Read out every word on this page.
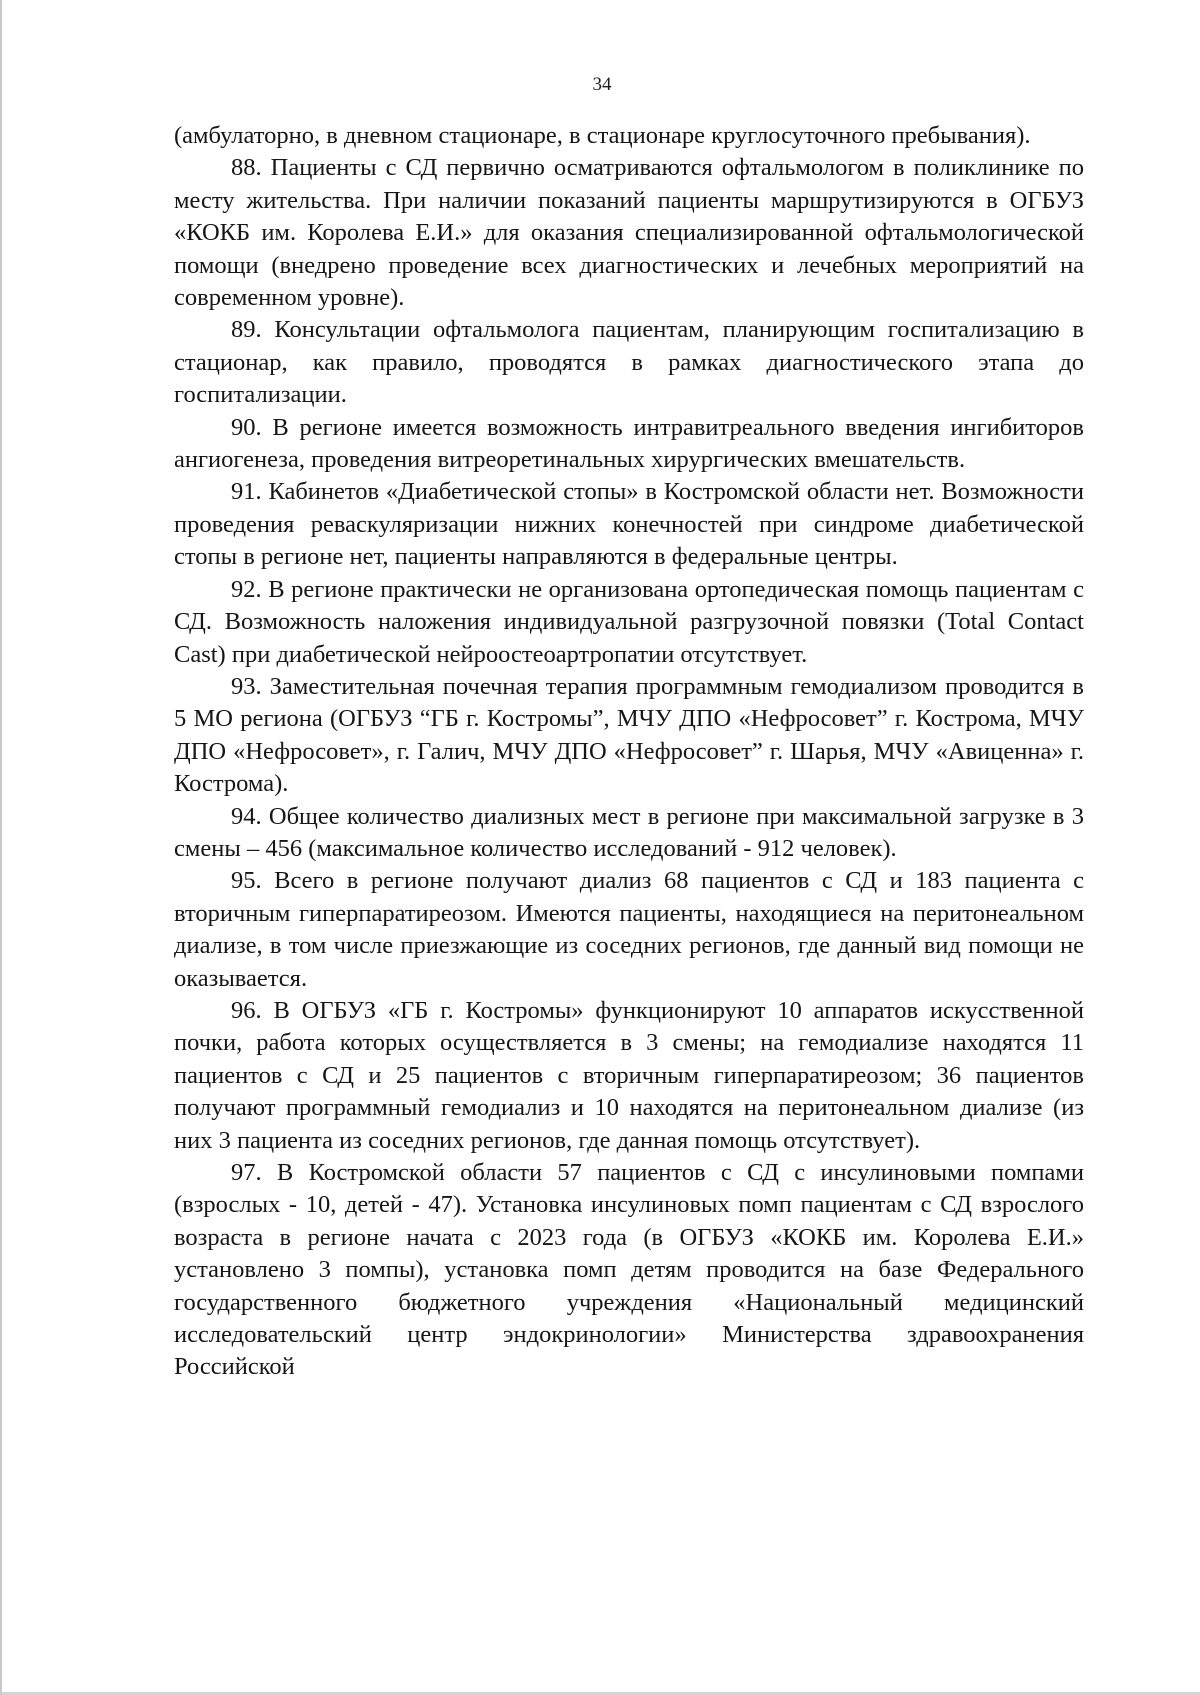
34

(амбулаторно, в дневном стационаре, в стационаре круглосуточного пребывания).

88. Пациенты с СД первично осматриваются офтальмологом в поликлинике по месту жительства. При наличии показаний пациенты маршрутизируются в ОГБУЗ «КОКБ им. Королева Е.И.» для оказания специализированной офтальмологической помощи (внедрено проведение всех диагностических и лечебных мероприятий на современном уровне).

89. Консультации офтальмолога пациентам, планирующим госпитализацию в стационар, как правило, проводятся в рамках диагностического этапа до госпитализации.

90. В регионе имеется возможность интравитреального введения ингибиторов ангиогенеза, проведения витреоретинальных хирургических вмешательств.

91. Кабинетов «Диабетической стопы» в Костромской области нет. Возможности проведения реваскуляризации нижних конечностей при синдроме диабетической стопы в регионе нет, пациенты направляются в федеральные центры.

92. В регионе практически не организована ортопедическая помощь пациентам с СД. Возможность наложения индивидуальной разгрузочной повязки (Total Contact Cast) при диабетической нейроостеоартропатии отсутствует.

93. Заместительная почечная терапия программным гемодиализом проводится в 5 МО региона (ОГБУЗ “ГБ г. Костромы”, МЧУ ДПО «Нефросовет” г. Кострома, МЧУ ДПО «Нефросовет», г. Галич, МЧУ ДПО «Нефросовет” г. Шарья, МЧУ «Авиценна» г. Кострома).

94. Общее количество диализных мест в регионе при максимальной загрузке в 3 смены – 456 (максимальное количество исследований - 912 человек).

95. Всего в регионе получают диализ 68 пациентов с СД и 183 пациента с вторичным гиперпаратиреозом. Имеются пациенты, находящиеся на перитонеальном диализе, в том числе приезжающие из соседних регионов, где данный вид помощи не оказывается.

96. В ОГБУЗ «ГБ г. Костромы» функционируют 10 аппаратов искусственной почки, работа которых осуществляется в 3 смены; на гемодиализе находятся 11 пациентов с СД и 25 пациентов с вторичным гиперпаратиреозом; 36 пациентов получают программный гемодиализ и 10 находятся на перитонеальном диализе (из них 3 пациента из соседних регионов, где данная помощь отсутствует).

97. В Костромской области 57 пациентов с СД с инсулиновыми помпами (взрослых - 10, детей - 47). Установка инсулиновых помп пациентам с СД взрослого возраста в регионе начата с 2023 года (в ОГБУЗ «КОКБ им. Королева Е.И.» установлено 3 помпы), установка помп детям проводится на базе Федерального государственного бюджетного учреждения «Национальный медицинский исследовательский центр эндокринологии» Министерства здравоохранения Российской
